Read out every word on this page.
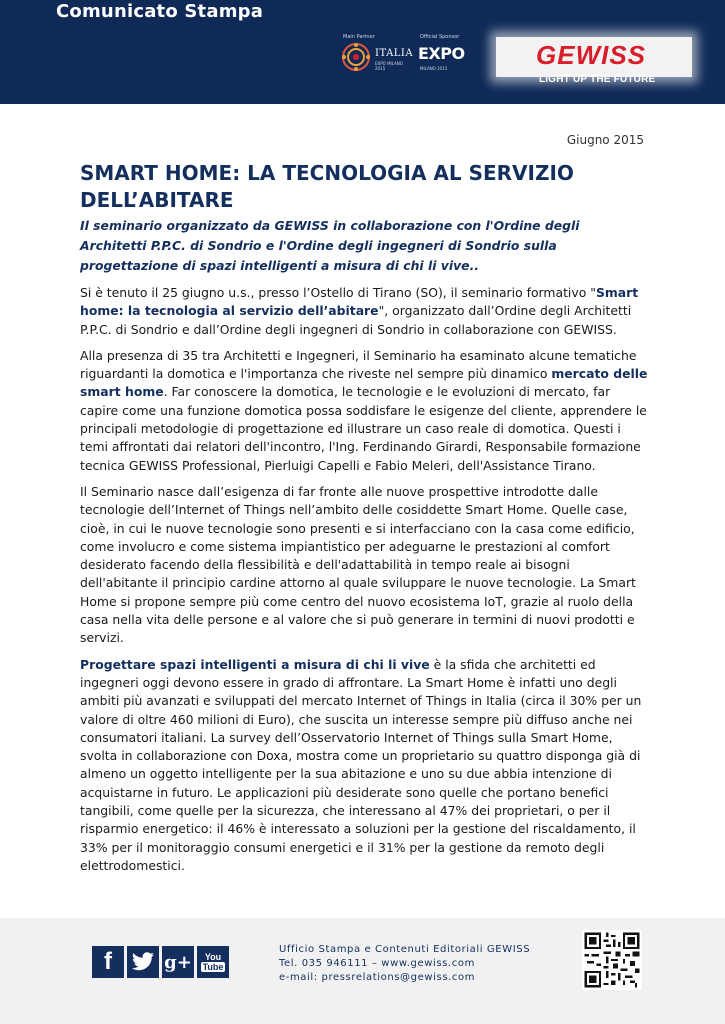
Comunicato Stampa
Main Partner
ITALIA
EXPO MILANO 2015
Official Sponsor
EXPO
MILANO 2015	GEWISS
LIGHT UP THE FUTURE
Giugno 2015
SMART HOME: LA TECNOLOGIA AL SERVIZIO
DELL’ABITARE
Il seminario organizzato da GEWISS in collaborazione con l'Ordine degli Architetti P.P.C. di Sondrio e l'Ordine degli ingegneri di Sondrio sulla progettazione di spazi intelligenti a misura di chi li vive..

Si è tenuto il 25 giugno u.s., presso l’Ostello di Tirano (SO), il seminario formativo "Smart home: la tecnologia al servizio dell’abitare", organizzato dall’Ordine degli Architetti P.P.C. di Sondrio e dall’Ordine degli ingegneri di Sondrio in collaborazione con GEWISS.

Alla presenza di 35 tra Architetti e Ingegneri, il Seminario ha esaminato alcune tematiche riguardanti la domotica e l'importanza che riveste nel sempre più dinamico mercato delle smart home. Far conoscere la domotica, le tecnologie e le evoluzioni di mercato, far capire come una funzione domotica possa soddisfare le esigenze del cliente, apprendere le principali metodologie di progettazione ed illustrare un caso reale di domotica. Questi i temi affrontati dai relatori dell'incontro, l'Ing. Ferdinando Girardi, Responsabile formazione tecnica GEWISS Professional, Pierluigi Capelli e Fabio Meleri, dell'Assistance Tirano.

Il Seminario nasce dall’esigenza di far fronte alle nuove prospettive introdotte dalle tecnologie dell’Internet of Things nell’ambito delle cosiddette Smart Home. Quelle case, cioè, in cui le nuove tecnologie sono presenti e si interfacciano con la casa come edificio, come involucro e come sistema impiantistico per adeguarne le prestazioni al comfort desiderato facendo della flessibilità e dell'adattabilità in tempo reale ai bisogni dell'abitante il principio cardine attorno al quale sviluppare le nuove tecnologie. La Smart Home si propone sempre più come centro del nuovo ecosistema IoT, grazie al ruolo della casa nella vita delle persone e al valore che si può generare in termini di nuovi prodotti e servizi.

Progettare spazi intelligenti a misura di chi li vive è la sfida che architetti ed ingegneri oggi devono essere in grado di affrontare. La Smart Home è infatti uno degli ambiti più avanzati e sviluppati del mercato Internet of Things in Italia (circa il 30% per un valore di oltre 460 milioni di Euro), che suscita un interesse sempre più diffuso anche nei consumatori italiani. La survey dell’Osservatorio Internet of Things sulla Smart Home, svolta in collaborazione con Doxa, mostra come un proprietario su quattro disponga già di almeno un oggetto intelligente per la sua abitazione e uno su due abbia intenzione di acquistarne in futuro. Le applicazioni più desiderate sono quelle che portano benefici tangibili, come quelle per la sicurezza, che interessano al 47% dei proprietari, o per il risparmio energetico: il 46% è interessato a soluzioni per la gestione del riscaldamento, il 33% per il monitoraggio consumi energetici e il 31% per la gestione da remoto degli elettrodomestici.

f	g+ You
Tube
Ufficio Stampa e Contenuti Editoriali GEWISS
Tel. 035 946111 – www.gewiss.com
e-mail: pressrelations@gewiss.com
